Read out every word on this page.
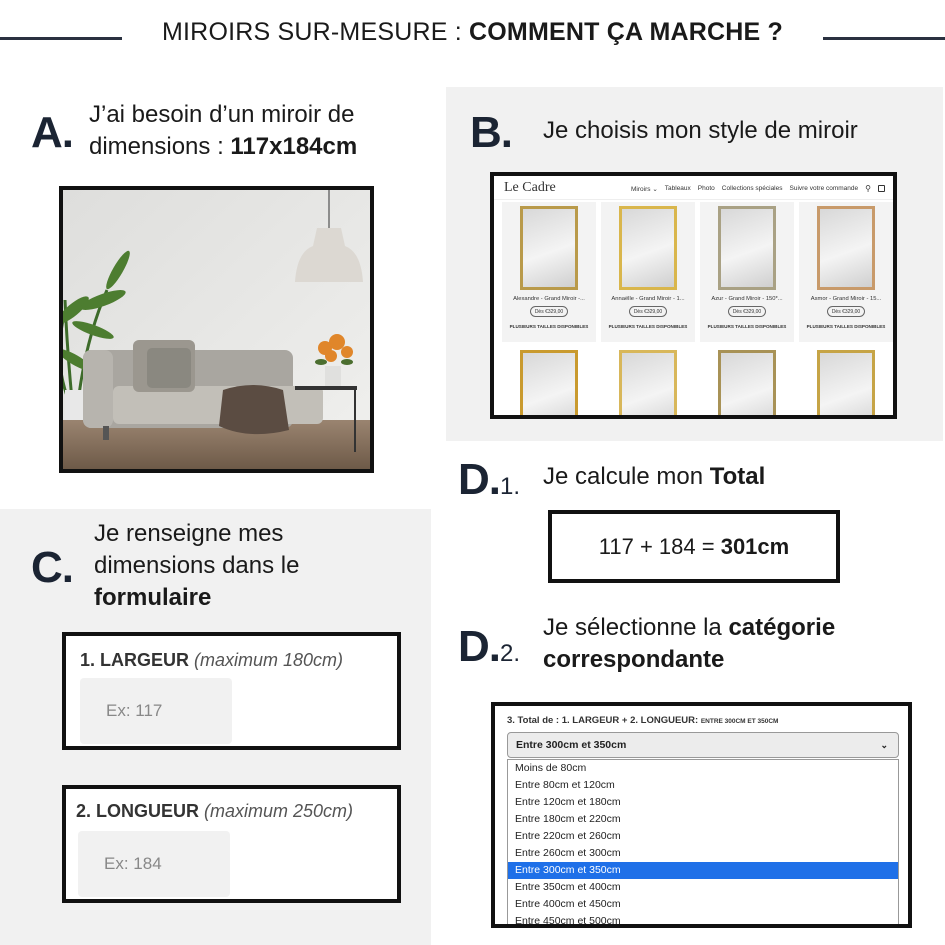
MIROIRS SUR-MESURE : COMMENT ÇA MARCHE ?
A. J’ai besoin d’un miroir de
dimensions : 117x184cm	B. Je choisis mon style de miroir
Le Cadre	Miroirs ⌄ Tableaux Photo Collections spéciales Suivre votre commande ⚲
Alexandre - Grand Miroir -...
Dès €329,00
PLUSIEURS TAILLES DISPONIBLES
Annaëlle - Grand Miroir - 1...
Dès €329,00
PLUSIEURS TAILLES DISPONIBLES
Azur - Grand Miroir - 150*...
Dès €329,00
PLUSIEURS TAILLES DISPONIBLES
Asmor - Grand Miroir - 15...
Dès €329,00
PLUSIEURS TAILLES DISPONIBLES
C.
Je renseigne mes
dimensions dans le
formulaire
1. LARGEUR (maximum 180cm)
Ex: 117
2. LONGUEUR (maximum 250cm)
Ex: 184
D.1. Je calcule mon Total
117 + 184 = 301cm
D.2.
Je sélectionne la catégorie
correspondante
3. Total de : 1. LARGEUR + 2. LONGUEUR: ENTRE 300CM ET 350CM
Entre 300cm et 350cm	⌄
Moins de 80cm
Entre 80cm et 120cm
Entre 120cm et 180cm
Entre 180cm et 220cm
Entre 220cm et 260cm
Entre 260cm et 300cm
Entre 300cm et 350cm
Entre 350cm et 400cm
Entre 400cm et 450cm
Entre 450cm et 500cm
